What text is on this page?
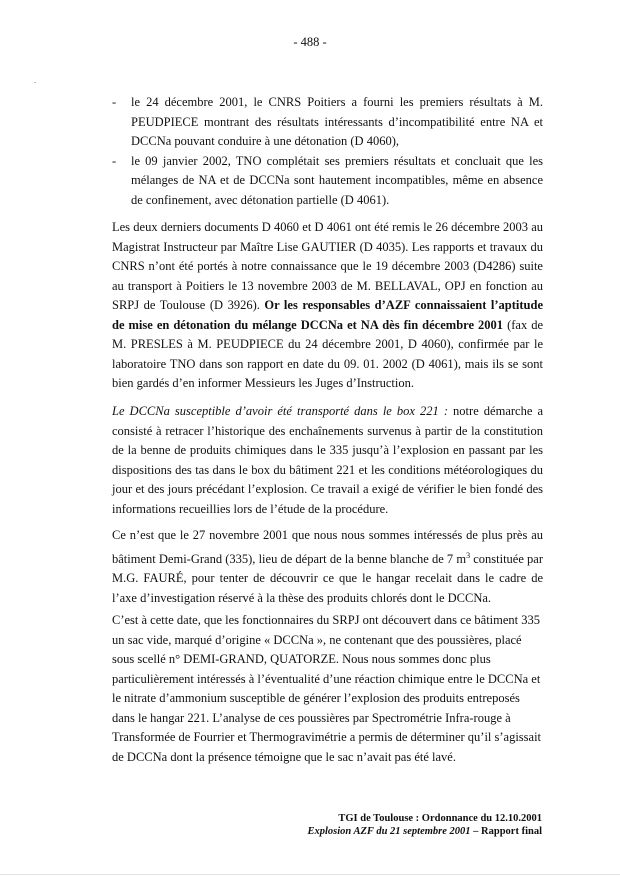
- 488 -
- le 24 décembre 2001, le CNRS Poitiers a fourni les premiers résultats à M. PEUDPIECE montrant des résultats intéressants d’incompatibilité entre NA et DCCNa pouvant conduire à une détonation (D 4060),
- le 09 janvier 2002, TNO complétait ses premiers résultats et concluait que les mélanges de NA et de DCCNa sont hautement incompatibles, même en absence de confinement, avec détonation partielle (D 4061).
Les deux derniers documents D 4060 et D 4061 ont été remis le 26 décembre 2003 au Magistrat Instructeur par Maître Lise GAUTIER (D 4035). Les rapports et travaux du CNRS n’ont été portés à notre connaissance que le 19 décembre 2003 (D4286) suite au transport à Poitiers le 13 novembre 2003 de M. BELLAVAL, OPJ en fonction au SRPJ de Toulouse (D 3926). Or les responsables d’AZF connaissaient l’aptitude de mise en détonation du mélange DCCNa et NA dès fin décembre 2001 (fax de M. PRESLES à M. PEUDPIECE du 24 décembre 2001, D 4060), confirmée par le laboratoire TNO dans son rapport en date du 09. 01. 2002 (D 4061), mais ils se sont bien gardés d’en informer Messieurs les Juges d’Instruction.
Le DCCNa susceptible d’avoir été transporté dans le box 221 : notre démarche a consisté à retracer l’historique des enchaînements survenus à partir de la constitution de la benne de produits chimiques dans le 335 jusqu’à l’explosion en passant par les dispositions des tas dans le box du bâtiment 221 et les conditions météorologiques du jour et des jours précédant l’explosion. Ce travail a exigé de vérifier le bien fondé des informations recueillies lors de l’étude de la procédure.
Ce n’est que le 27 novembre 2001 que nous nous sommes intéressés de plus près au bâtiment Demi-Grand (335), lieu de départ de la benne blanche de 7 $m^3$ constituée par M.G. FAURÉ, pour tenter de découvrir ce que le hangar recelait dans le cadre de l’axe d’investigation réservé à la thèse des produits chlorés dont le DCCNa.
C’est à cette date, que les fonctionnaires du SRPJ ont découvert dans ce bâtiment 335
un sac vide, marqué d’origine « DCCNa », ne contenant que des poussières, placé
sous scellé n° DEMI-GRAND, QUATORZE. Nous nous sommes donc plus
particulièrement intéressés à l’éventualité d’une réaction chimique entre le DCCNa et
le nitrate d’ammonium susceptible de générer l’explosion des produits entreposés
dans le hangar 221. L’analyse de ces poussières par Spectrométrie Infra-rouge à
Transformée de Fourrier et Thermogravimétrie a permis de déterminer qu’il s’agissait
de DCCNa dont la présence témoigne que le sac n’avait pas été lavé.
TGI de Toulouse : Ordonnance du 12.10.2001
Explosion AZF du 21 septembre 2001 – Rapport final
